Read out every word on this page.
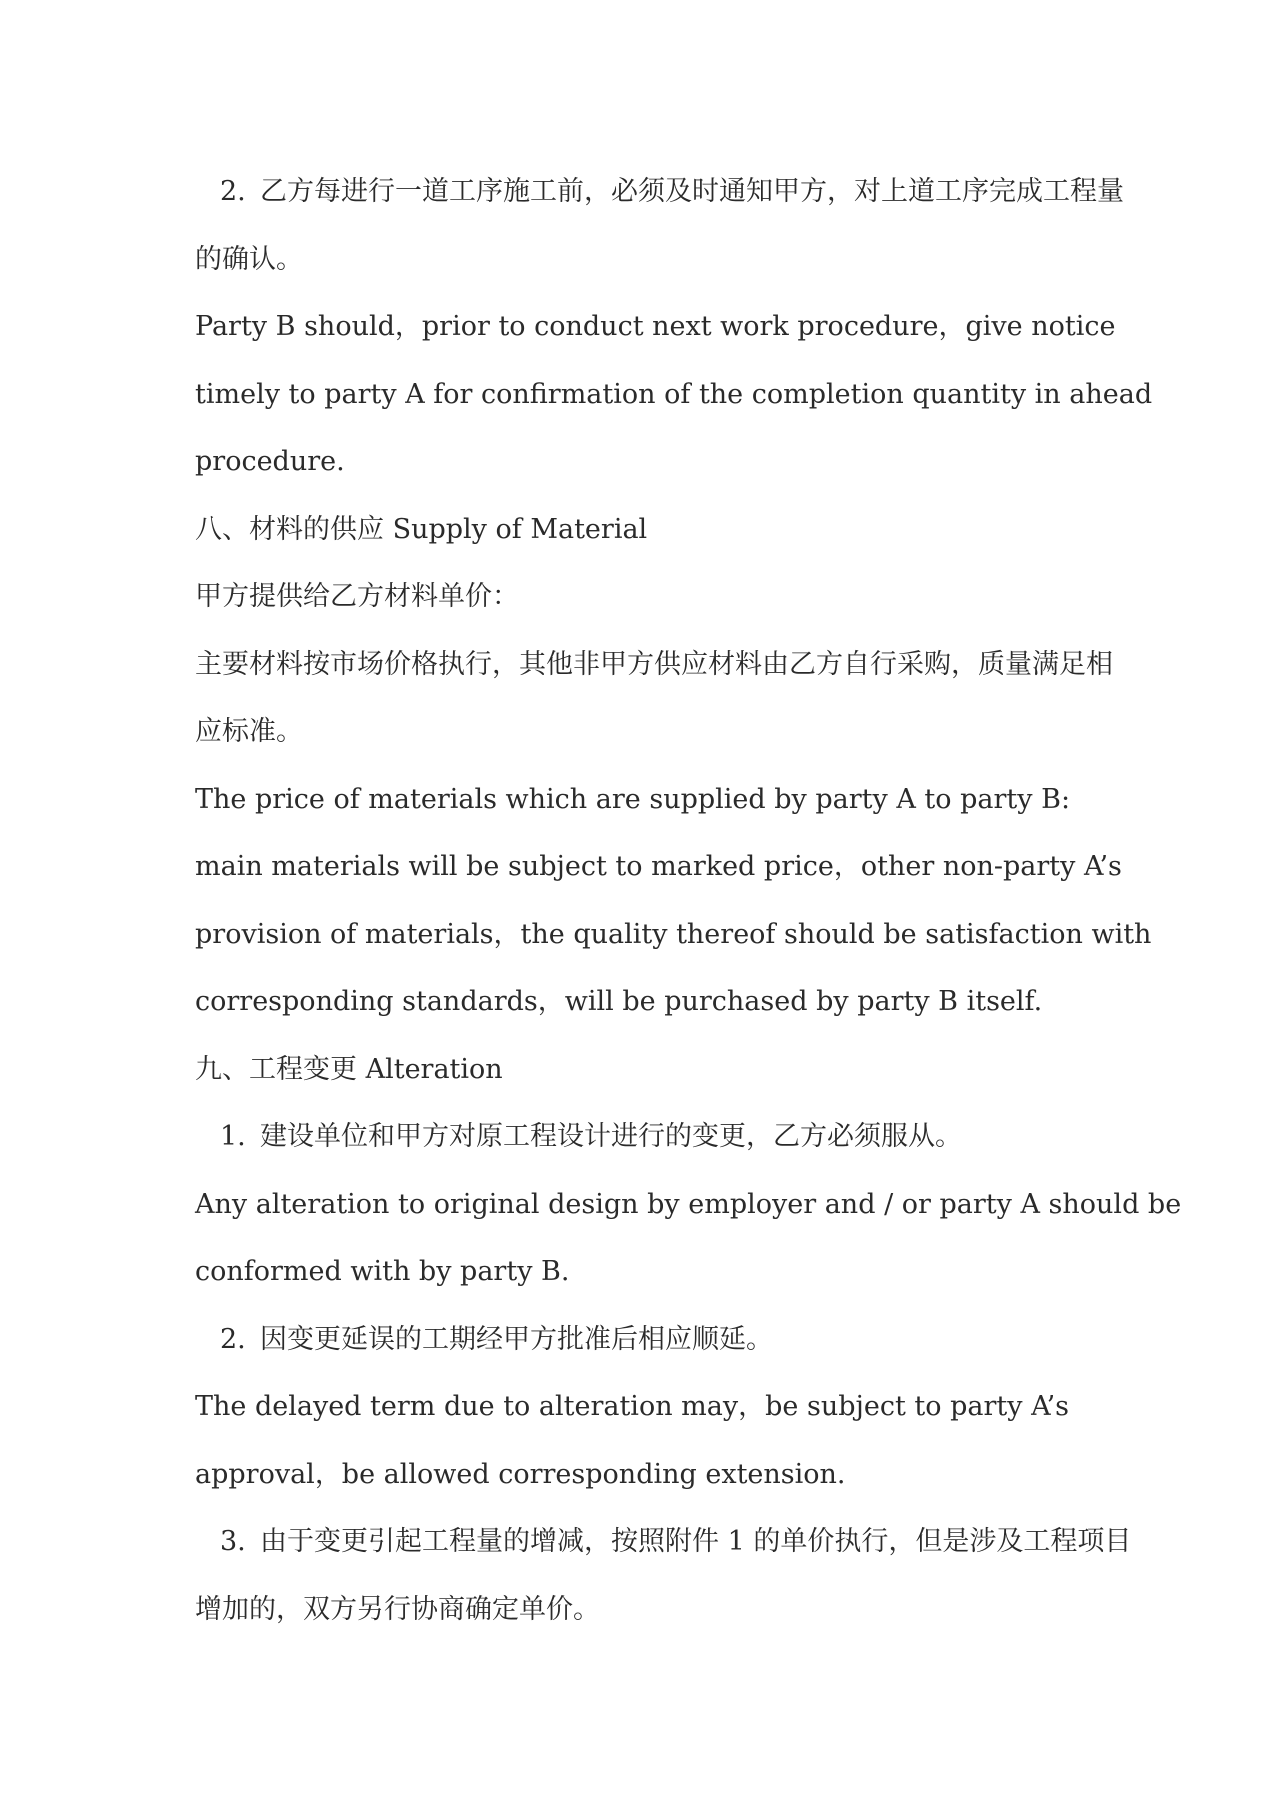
2. 乙方每进行一道工序施工前，必须及时通知甲方，对上道工序完成工程量
的确认。
Party B should，prior to conduct next work procedure，give notice
timely to party A for confirmation of the completion quantity in ahead
procedure.
八、材料的供应 Supply of Material
甲方提供给乙方材料单价：
主要材料按市场价格执行，其他非甲方供应材料由乙方自行采购，质量满足相
应标准。
The price of materials which are supplied by party A to party B:
main materials will be subject to marked price，other non-party A’s
provision of materials，the quality thereof should be satisfaction with
corresponding standards，will be purchased by party B itself.
九、工程变更 Alteration
1. 建设单位和甲方对原工程设计进行的变更，乙方必须服从。
Any alteration to original design by employer and / or party A should be
conformed with by party B.
2. 因变更延误的工期经甲方批准后相应顺延。
The delayed term due to alteration may，be subject to party A’s
approval，be allowed corresponding extension.
3. 由于变更引起工程量的增减，按照附件 1 的单价执行，但是涉及工程项目
增加的，双方另行协商确定单价。
